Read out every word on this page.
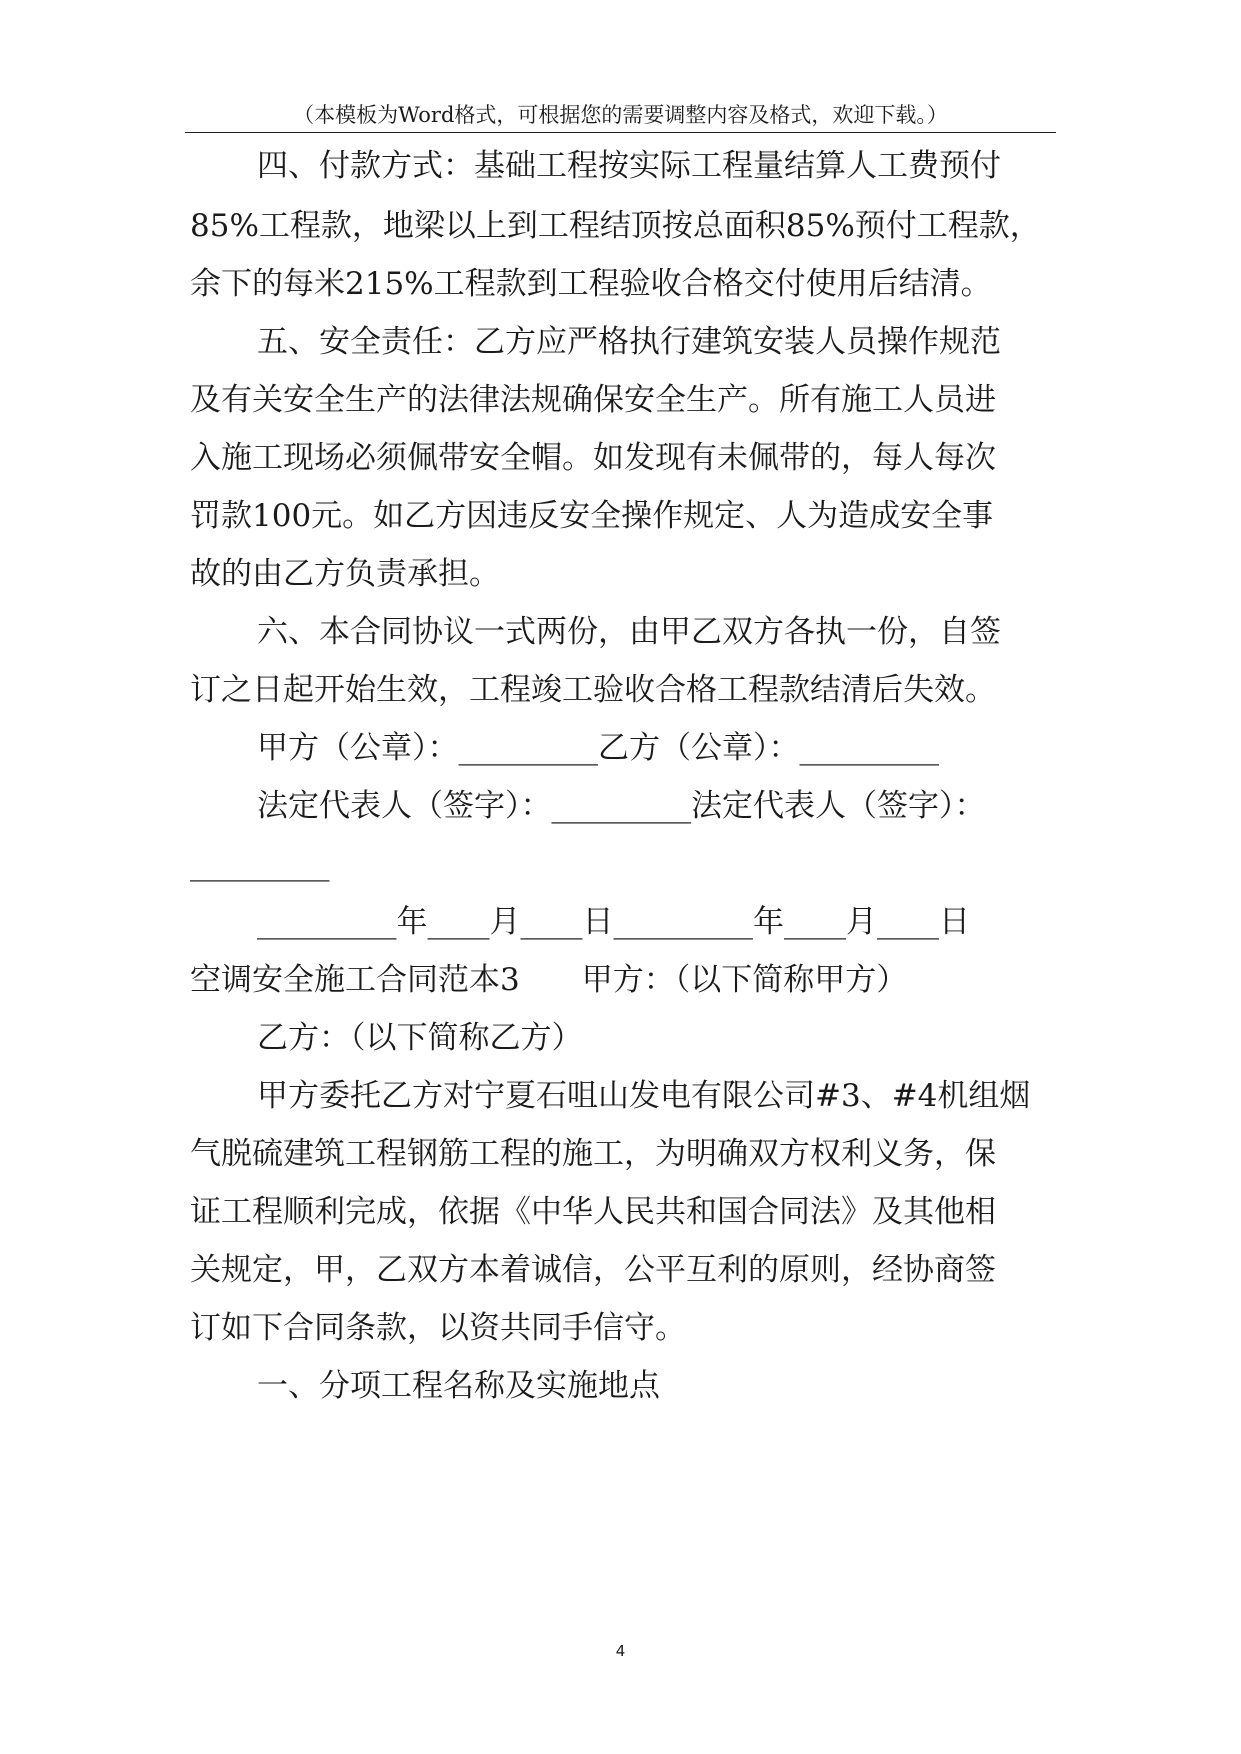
（本模板为Word格式，可根据您的需要调整内容及格式，欢迎下载。）
四、付款方式：基础工程按实际工程量结算人工费预付
85%工程款，地梁以上到工程结顶按总面积85%预付工程款，
余下的每米215%工程款到工程验收合格交付使用后结清。
五、安全责任：乙方应严格执行建筑安装人员操作规范
及有关安全生产的法律法规确保安全生产。所有施工人员进
入施工现场必须佩带安全帽。如发现有未佩带的，每人每次
罚款100元。如乙方因违反安全操作规定、人为造成安全事
故的由乙方负责承担。
六、本合同协议一式两份，由甲乙双方各执一份，自签
订之日起开始生效，工程竣工验收合格工程款结清后失效。
甲方（公章）：_________乙方（公章）：_________
法定代表人（签字）：_________法定代表人（签字）：
_________
_________年____月____日_________年____月____日
空调安全施工合同范本3　　甲方：（以下简称甲方）
乙方：（以下简称乙方）
甲方委托乙方对宁夏石咀山发电有限公司#3、#4机组烟
气脱硫建筑工程钢筋工程的施工，为明确双方权利义务，保
证工程顺利完成，依据《中华人民共和国合同法》及其他相
关规定，甲，乙双方本着诚信，公平互利的原则，经协商签
订如下合同条款，以资共同手信守。
一、分项工程名称及实施地点
4
